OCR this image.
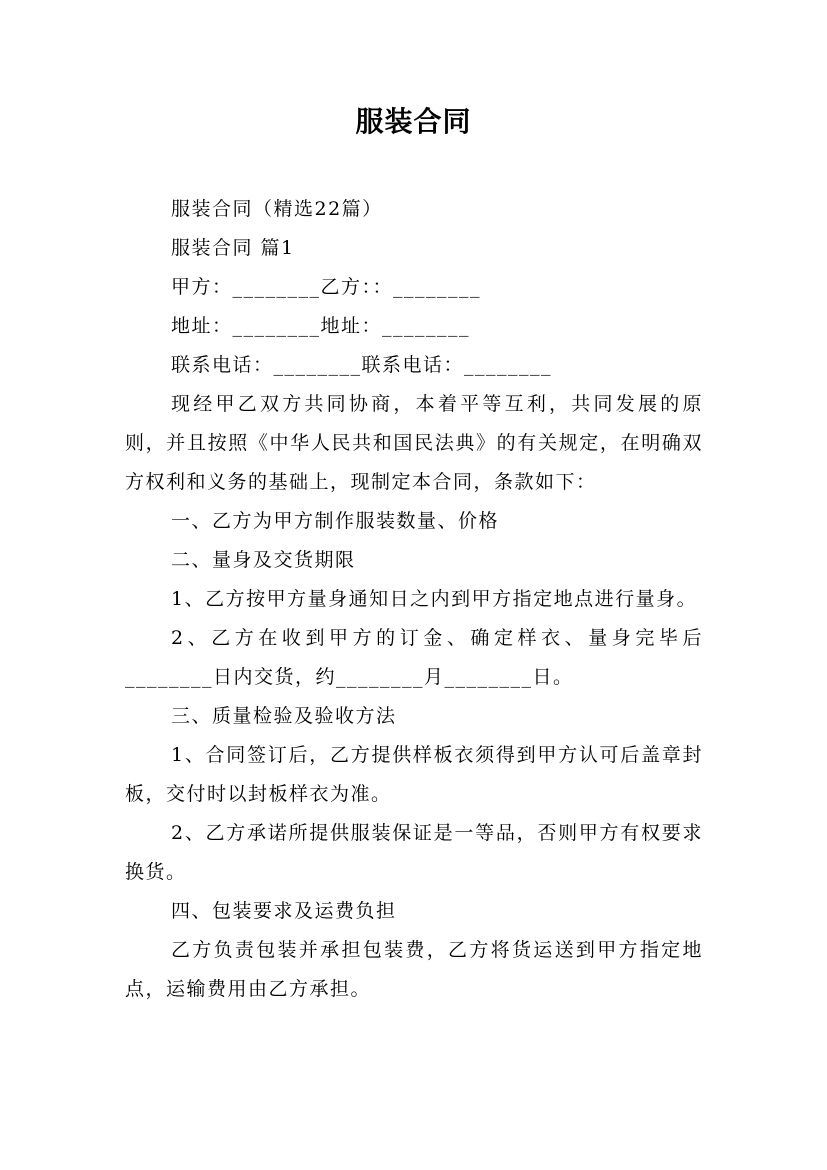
服装合同

服装合同（精选22篇）

服装合同 篇1

甲方：________乙方：：________

地址：________地址：________

联系电话：________联系电话：________

现经甲乙双方共同协商，本着平等互利，共同发展的原则，并且按照《中华人民共和国民法典》的有关规定，在明确双方权利和义务的基础上，现制定本合同，条款如下：

一、乙方为甲方制作服装数量、价格

二、量身及交货期限

1、乙方按甲方量身通知日之内到甲方指定地点进行量身。

2、乙方在收到甲方的订金、确定样衣、量身完毕后________日内交货，约________月________日。

三、质量检验及验收方法

1、合同签订后，乙方提供样板衣须得到甲方认可后盖章封板，交付时以封板样衣为准。

2、乙方承诺所提供服装保证是一等品，否则甲方有权要求换货。

四、包装要求及运费负担

乙方负责包装并承担包装费，乙方将货运送到甲方指定地点，运输费用由乙方承担。
